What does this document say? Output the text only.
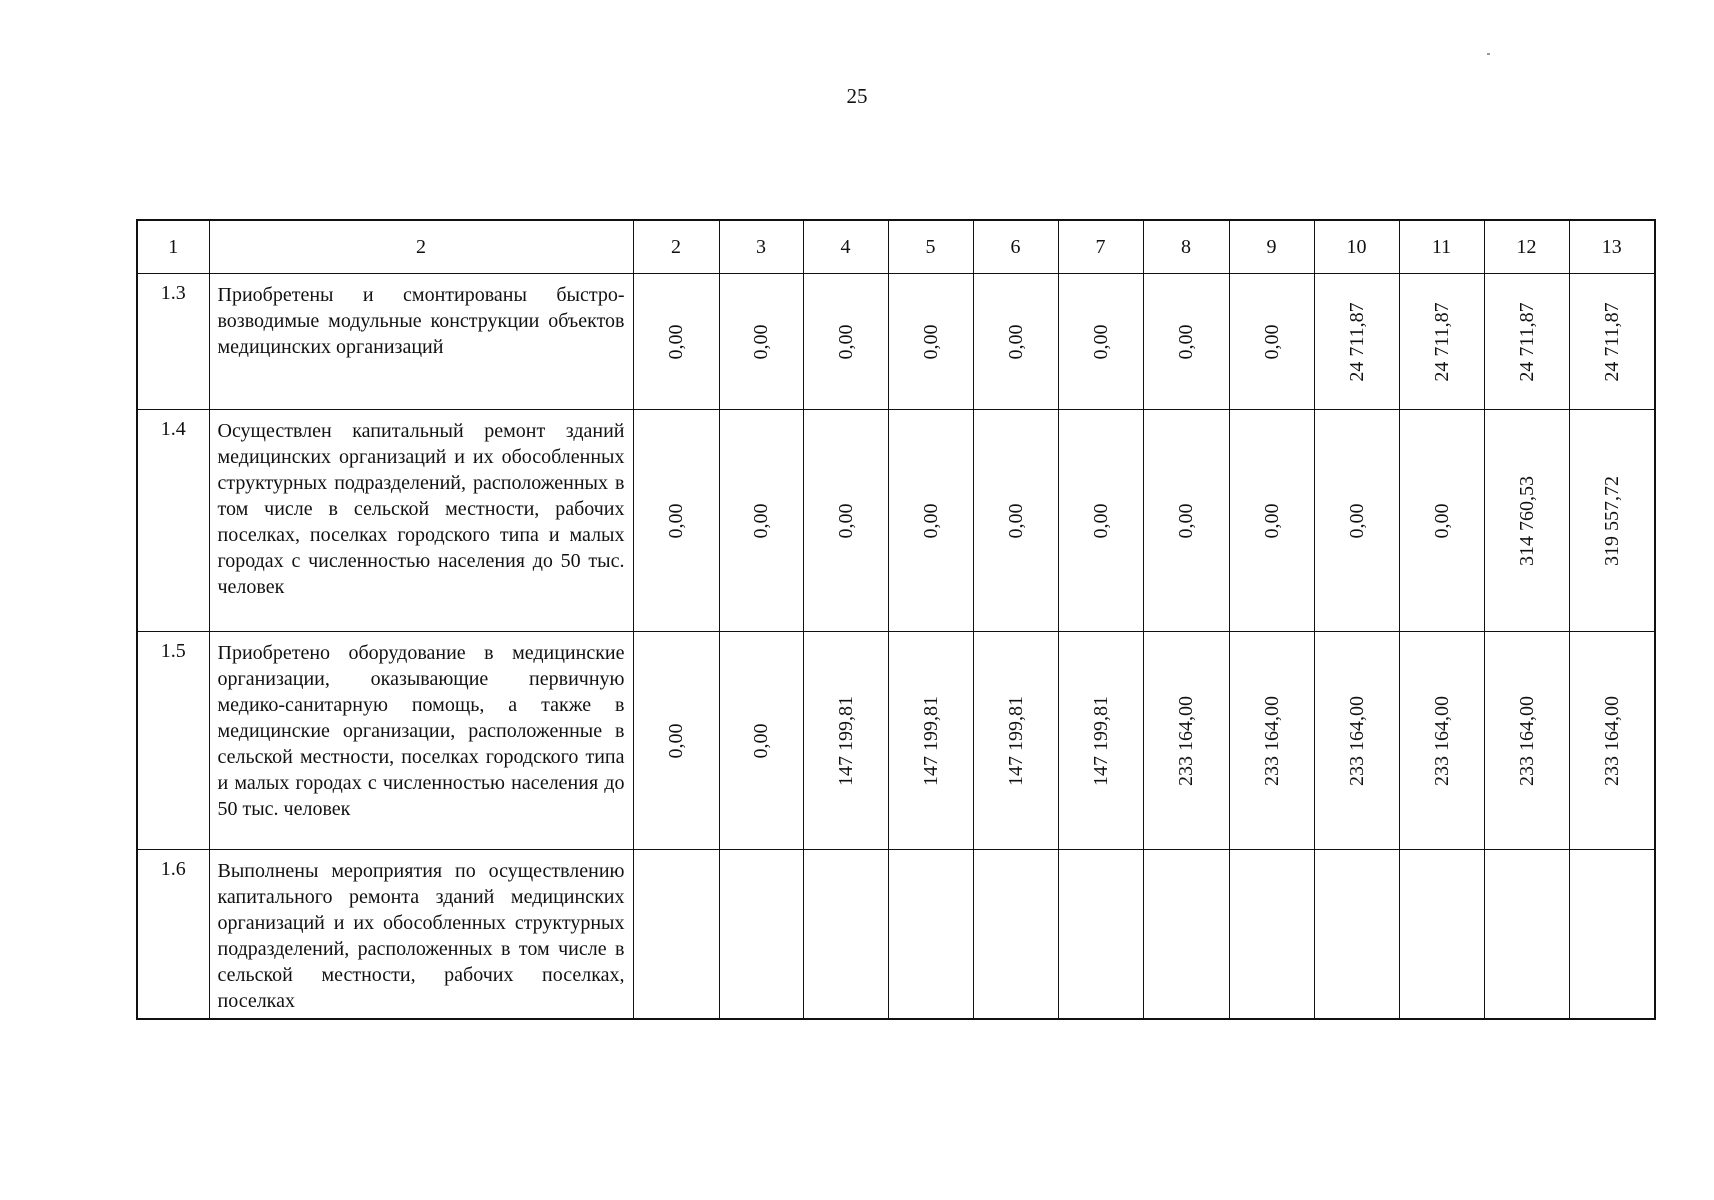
25
1	2	2	3	4	5	6	7	8	9	10	11	12	13
1.3	Приобретены и смонтированы быстро-возводимые модульные конструкции объектов медицинских организаций	0,00	0,00	0,00	0,00	0,00	0,00	0,00	0,00	24 711,87	24 711,87	24 711,87	24 711,87

1.4	Осуществлен капитальный ремонт зданий медицинских организаций и их обособленных структурных подразделений, расположенных в том числе в сельской местности, рабочих поселках, поселках городского типа и малых городах с численностью населения до 50 тыс. человек	0,00	0,00	0,00	0,00	0,00	0,00	0,00	0,00	0,00	0,00	314 760,53	319 557,72

1.5	Приобретено оборудование в медицинские организации, оказывающие первичную медико-санитарную помощь, а также в медицинские организации, расположенные в сельской местности, поселках городского типа и малых городах с численностью населения до 50 тыс. человек	0,00	0,00	147 199,81	147 199,81	147 199,81	147 199,81	233 164,00	233 164,00	233 164,00	233 164,00	233 164,00	233 164,00

1.6	Выполнены мероприятия по осуществлению капитального ремонта зданий медицинских организаций и их обособленных структурных подразделений, расположенных в том числе в сельской местности, рабочих поселках, поселках	
